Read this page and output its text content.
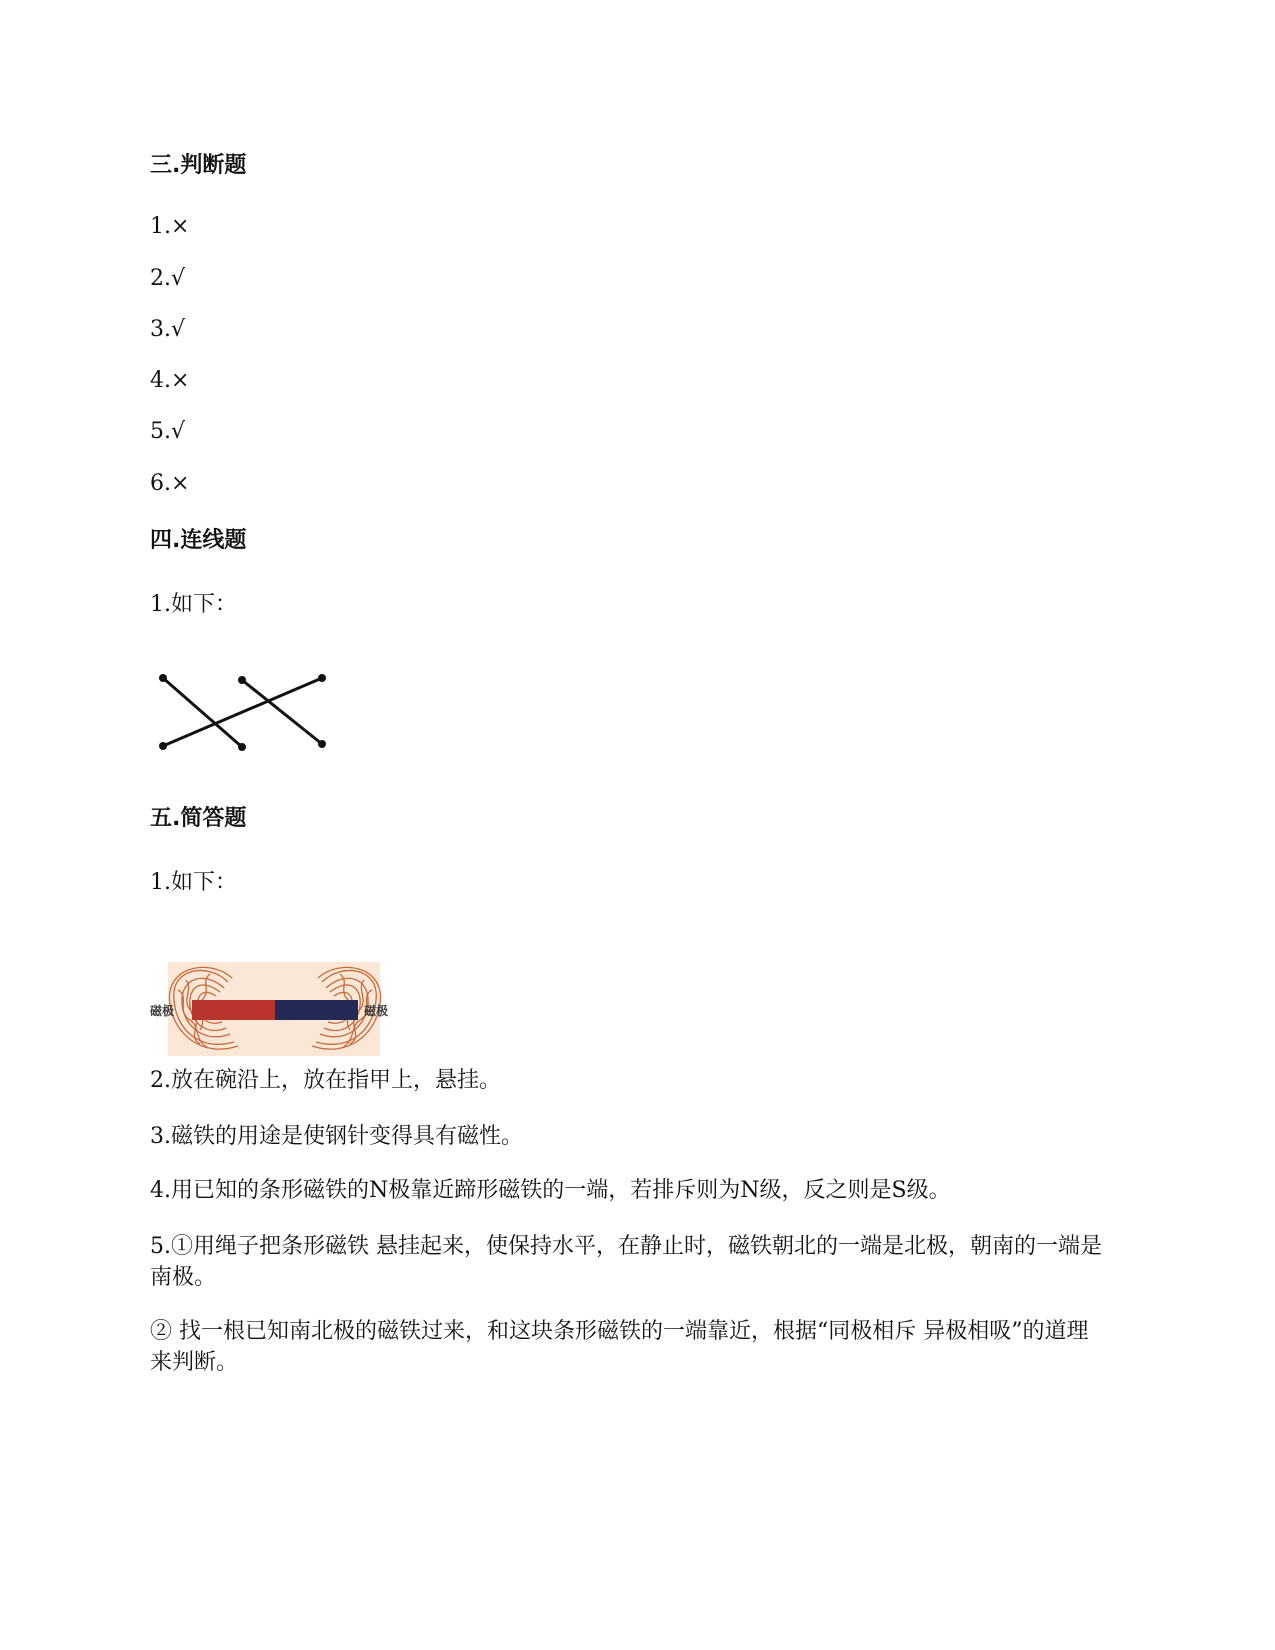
三.判断题
1.×
2.√
3.√
4.×
5.√
6.×
四.连线题
1.如下：
五.简答题
1.如下：
磁极	磁极
2.放在碗沿上，放在指甲上，悬挂。
3.磁铁的用途是使钢针变得具有磁性。
4.用已知的条形磁铁的N极靠近蹄形磁铁的一端，若排斥则为N级，反之则是S级。
5.①用绳子把条形磁铁 悬挂起来，使保持水平，在静止时，磁铁朝北的一端是北极，朝南的一端是南极。
② 找一根已知南北极的磁铁过来，和这块条形磁铁的一端靠近，根据“同极相斥 异极相吸”的道理来判断。
